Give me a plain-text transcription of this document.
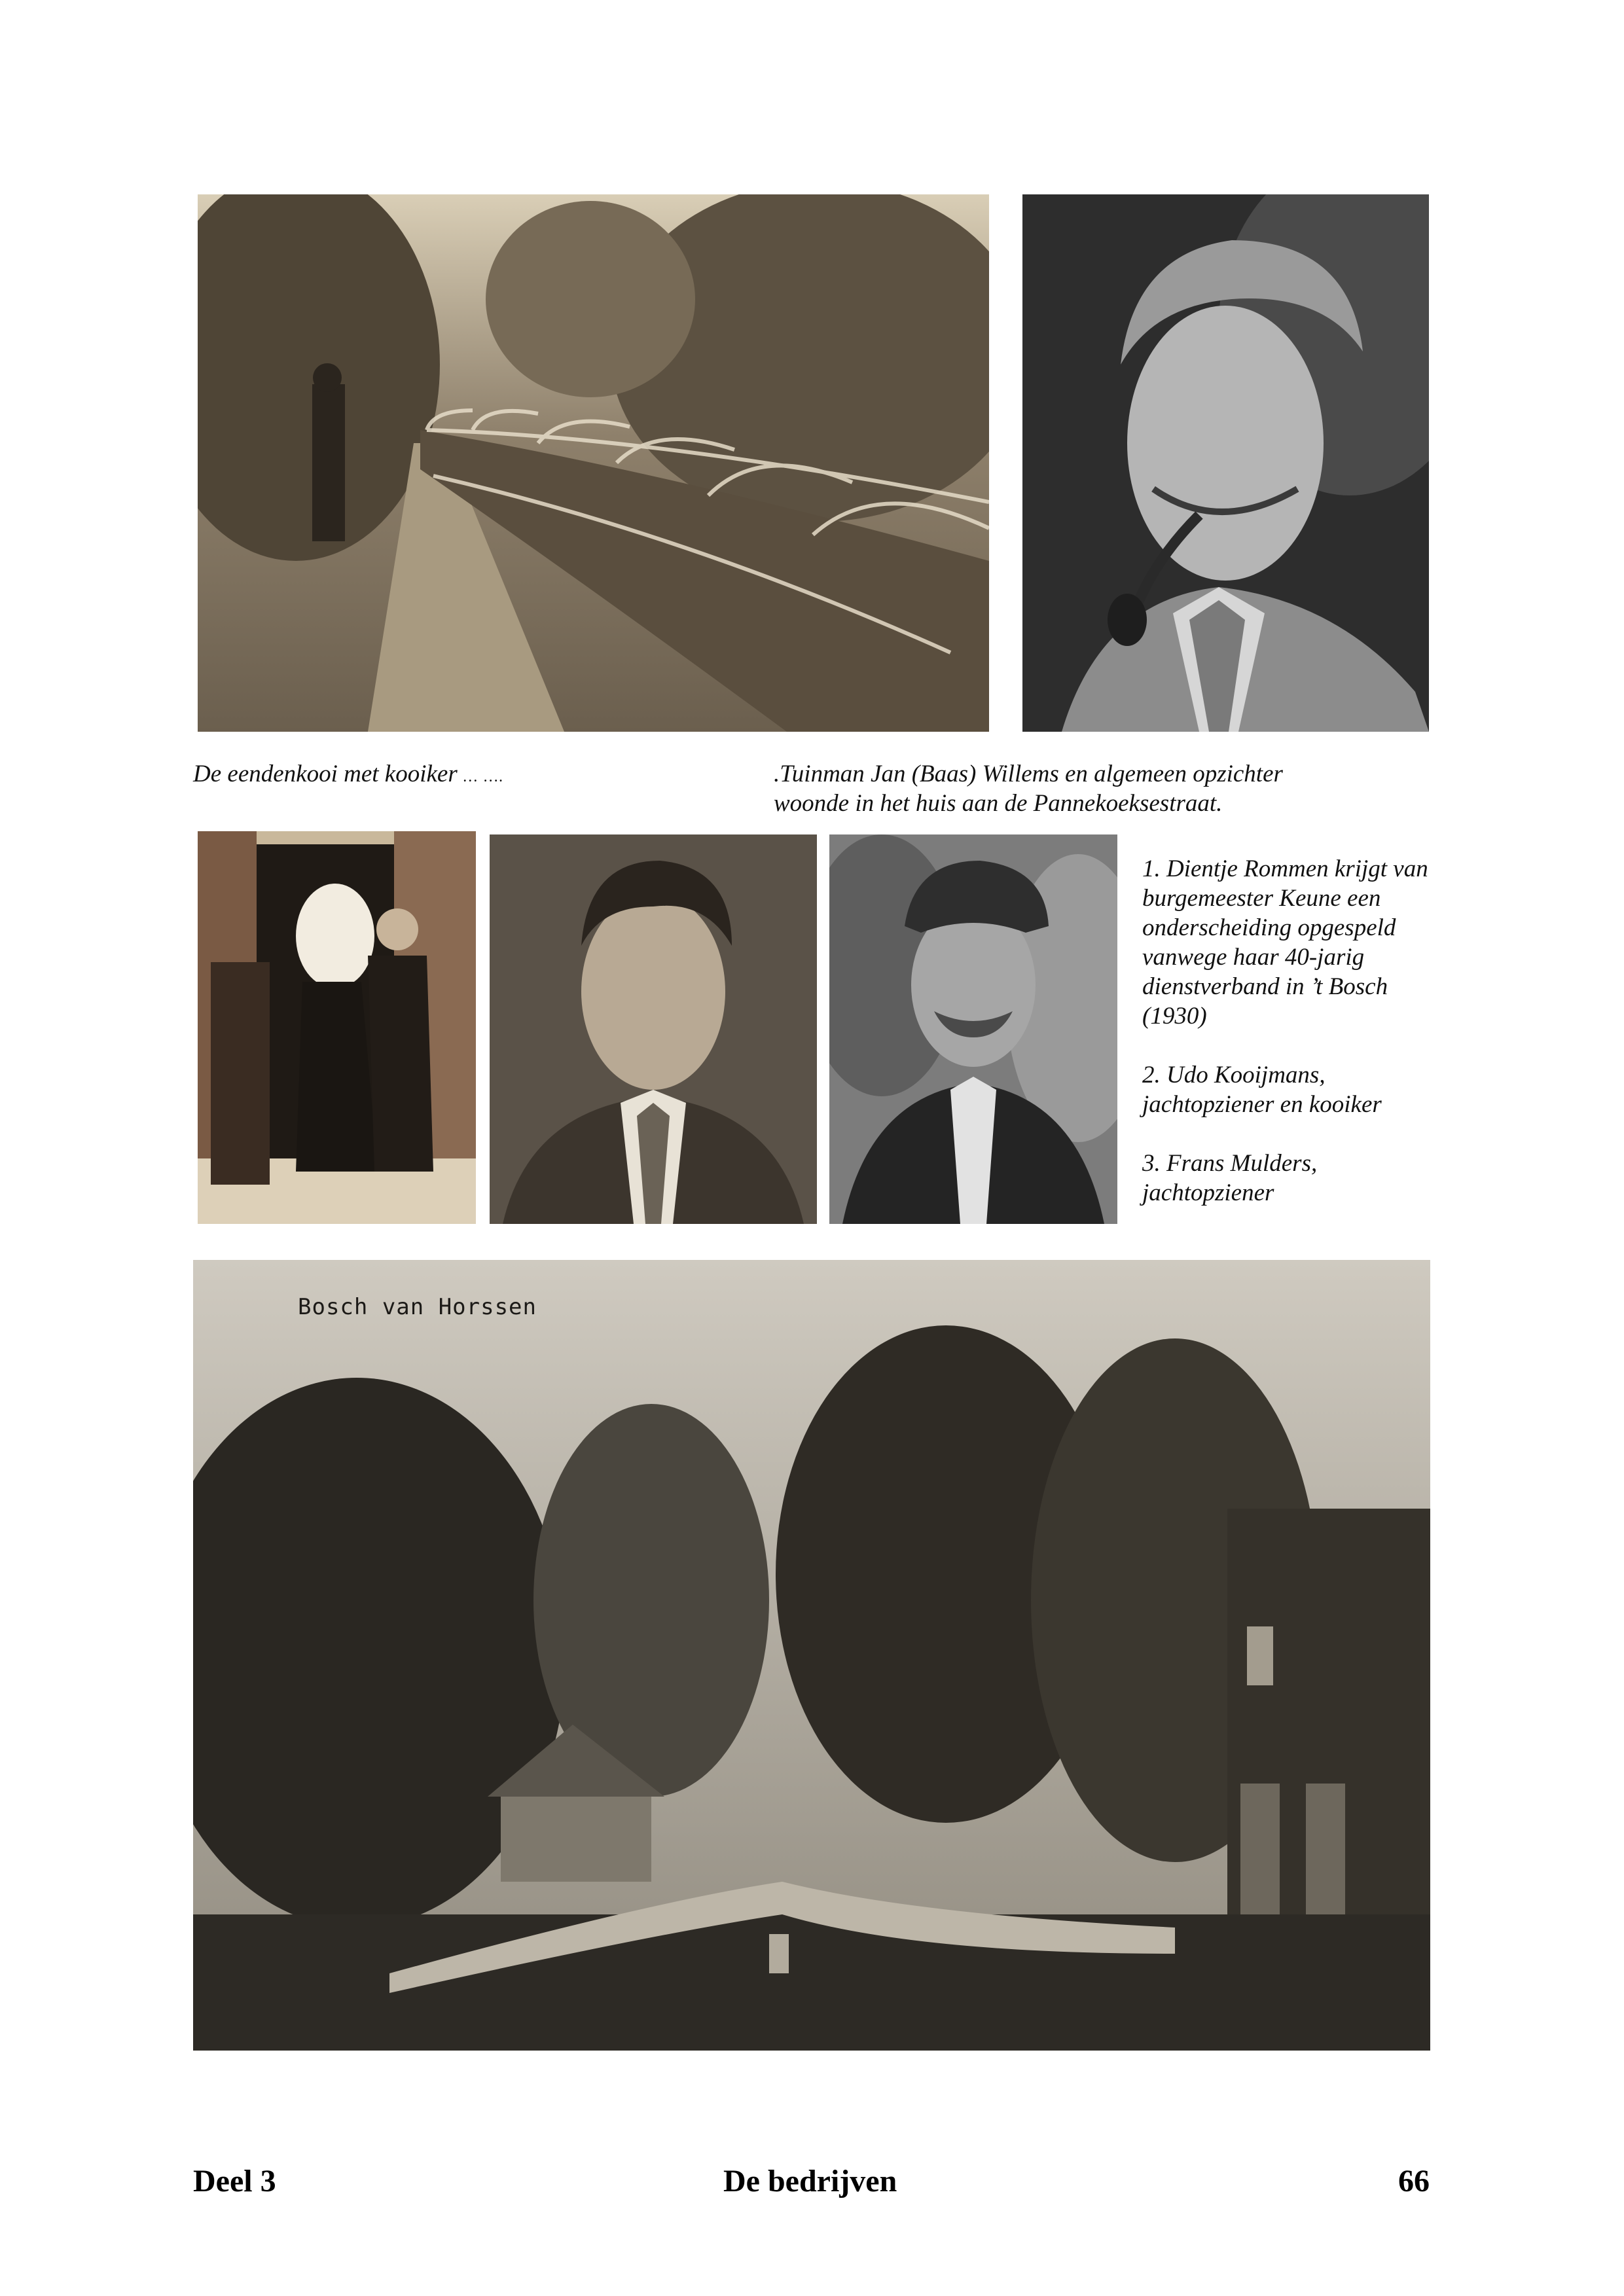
De eendenkooi met kooiker … ….	.Tuinman Jan (Baas) Willems en algemeen opzichter

woonde in het huis aan de Pannekoeksestraat.

1. Dientje Rommen krijgt van burgemeester Keune een onderscheiding opgespeld vanwege haar 40-jarig dienstverband in ’t Bosch (1930)

2. Udo Kooijmans, jachtopziener en kooiker

3. Frans Mulders, jachtopziener

Bosch van Horssen
Deel 3	De bedrijven	66
